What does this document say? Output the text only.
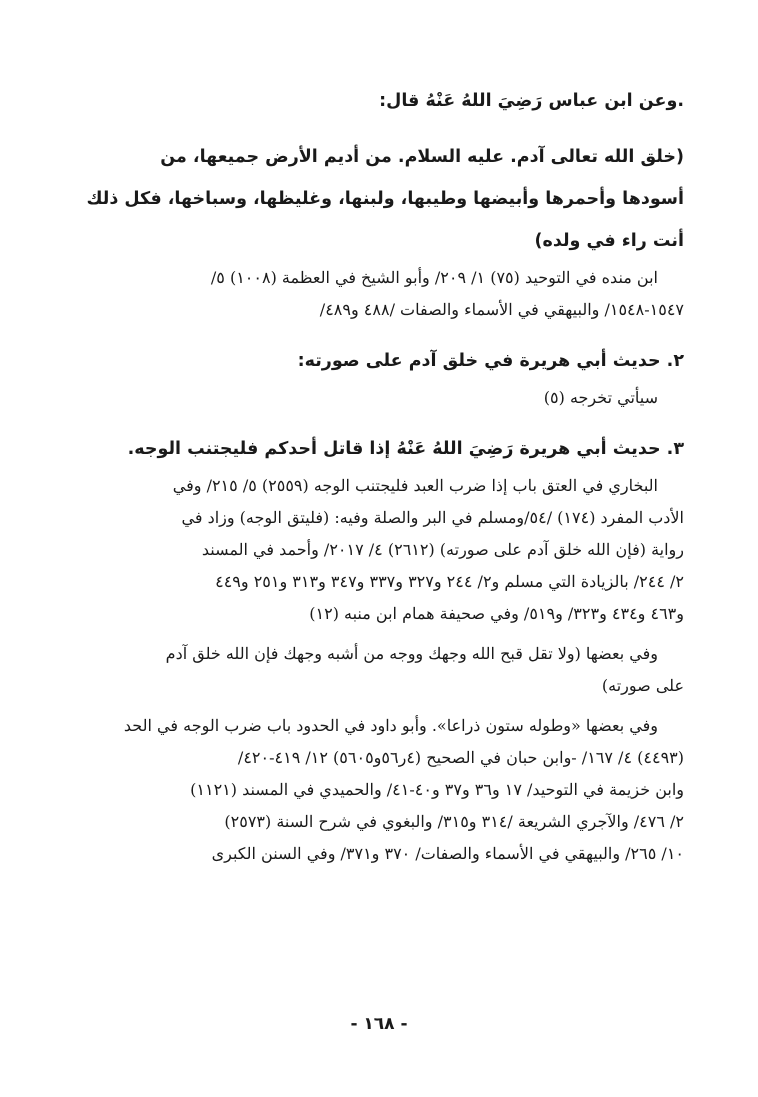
.وعن ابن عباس رَضِيَ اللهُ عَنْهُ قال:
(خلق الله تعالى آدم. عليه السلام. من أديم الأرض جميعها، من
أسودها وأحمرها وأبيضها وطيبها، ولبنها، وغليظها، وسباخها، فكل ذلك
أنت راء في ولده)
ابن منده في التوحيد (٧٥) ١/ ٢٠٩/ وأبو الشيخ في العظمة (١٠٠٨) ٥/
١٥٤٧-١٥٤٨/ والبيهقي في الأسماء والصفات /٤٨٨ و٤٨٩/
٢. حديث أبي هريرة في خلق آدم على صورته:
سيأتي تخرجه (٥)
٣. حديث أبي هريرة رَضِيَ اللهُ عَنْهُ إذا قاتل أحدكم فليجتنب الوجه.
البخاري في العتق باب إذا ضرب العبد فليجتنب الوجه (٢٥٥٩) ٥/ ٢١٥/ وفي
الأدب المفرد (١٧٤) /٥٤/ومسلم في البر والصلة وفيه: (فليتق الوجه) وزاد في
رواية (فإن الله خلق آدم على صورته) (٢٦١٢) ٤/ ٢٠١٧/ وأحمد في المسند
٢/ ٢٤٤/ بالزيادة التي مسلم و٢/ ٢٤٤ و٣٢٧ و٣٣٧ و٣٤٧ و٣١٣ و٢٥١ و٤٤٩
و٤٦٣ و٤٣٤ و٣٢٣/ و٥١٩/ وفي صحيفة همام ابن منبه (١٢)
وفي بعضها (ولا تقل قبح الله وجهك ووجه من أشبه وجهك فإن الله خلق آدم
على صورته)
وفي بعضها «وطوله ستون ذراعا». وأبو داود في الحدود باب ضرب الوجه في الحد
(٤٤٩٣) ٤/ ١٦٧/ -وابن حبان في الصحيح (٤ر٥٦و٥٦٠٥) ١٢/ ٤١٩-٤٢٠/
وابن خزيمة في التوحيد/ ١٧ و٣٦ و٣٧ و٤٠-٤١/ والحميدي في المسند (١١٢١)
٢/ ٤٧٦/ والآجري الشريعة /٣١٤ و٣١٥/ والبغوي في شرح السنة (٢٥٧٣)
١٠/ ٢٦٥/ والبيهقي في الأسماء والصفات/ ٣٧٠ و٣٧١/ وفي السنن الكبرى
- ١٦٨ -
